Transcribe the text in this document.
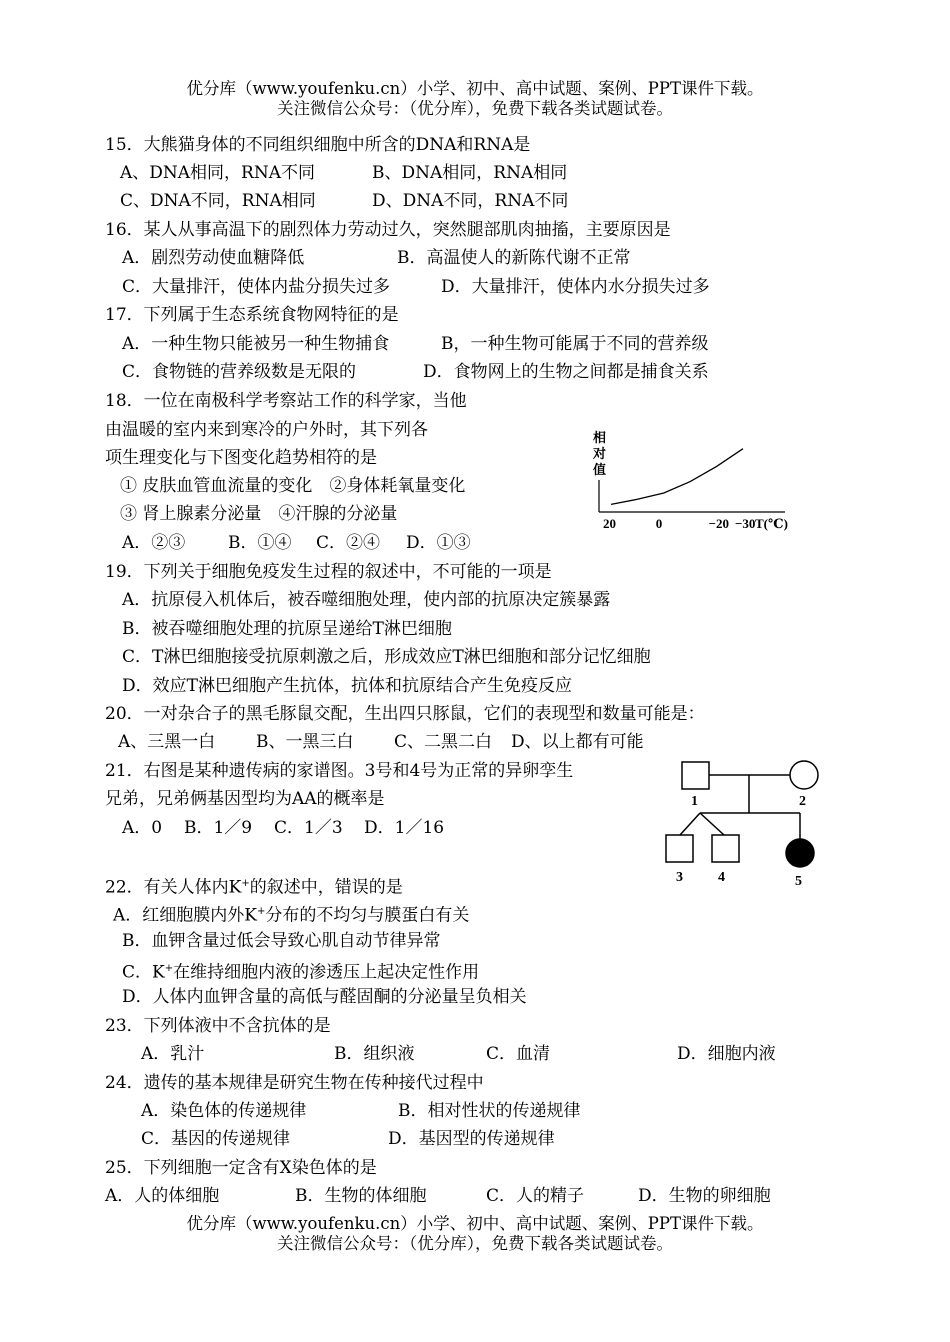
优分库（www.youfenku.cn）小学、初中、高中试题、案例、PPT课件下载。
关注微信公众号：（优分库），免费下载各类试题试卷。
15．大熊猫身体的不同组织细胞中所含的DNA和RNA是
A、DNA相同，RNA不同	B、DNA相同，RNA相同
C、DNA不同，RNA相同	D、DNA不同，RNA不同
16．某人从事高温下的剧烈体力劳动过久，突然腿部肌肉抽搐，主要原因是
A．剧烈劳动使血糖降低	B．高温使人的新陈代谢不正常
C．大量排汗，使体内盐分损失过多	D．大量排汗，使体内水分损失过多
17．下列属于生态系统食物网特征的是
A．一种生物只能被另一种生物捕食	B，一种生物可能属于不同的营养级
C．食物链的营养级数是无限的	D．食物网上的生物之间都是捕食关系
18．一位在南极科学考察站工作的科学家，当他
由温暖的室内来到寒冷的户外时，其下列各
项生理变化与下图变化趋势相符的是
① 皮肤血管血流量的变化　②身体耗氧量变化
③ 肾上腺素分泌量　④汗腺的分泌量
A．②③	B．①④ C．②④ D．①③
相
对
值
20	0	−20 −30 T(℃)
19．下列关于细胞免疫发生过程的叙述中，不可能的一项是
A．抗原侵入机体后，被吞噬细胞处理，使内部的抗原决定簇暴露
B．被吞噬细胞处理的抗原呈递给T淋巴细胞
C．T淋巴细胞接受抗原刺激之后，形成效应T淋巴细胞和部分记忆细胞
D．效应T淋巴细胞产生抗体，抗体和抗原结合产生免疫反应
20．一对杂合子的黑毛豚鼠交配，生出四只豚鼠，它们的表现型和数量可能是：
A、三黑一白 B、一黑三白 C、二黑二白 D、以上都有可能
21．右图是某种遗传病的家谱图。3号和4号为正常的异卵孪生
兄弟，兄弟俩基因型均为AA的概率是
A．0 B．1／9 C．1／3 D．1／16
1	2
3	4	5
22．有关人体内K+的叙述中，错误的是
A．红细胞膜内外K+分布的不均匀与膜蛋白有关
B．血钾含量过低会导致心肌自动节律异常
C．K+在维持细胞内液的渗透压上起决定性作用
D．人体内血钾含量的高低与醛固酮的分泌量呈负相关
23．下列体液中不含抗体的是
A．乳汁	B．组织液	C．血清	D．细胞内液
24．遗传的基本规律是研究生物在传种接代过程中
A．染色体的传递规律	B．相对性状的传递规律
C．基因的传递规律	D．基因型的传递规律
25．下列细胞一定含有X染色体的是
A．人的体细胞	B．生物的体细胞	C．人的精子	D．生物的卵细胞
优分库（www.youfenku.cn）小学、初中、高中试题、案例、PPT课件下载。
关注微信公众号：（优分库），免费下载各类试题试卷。
